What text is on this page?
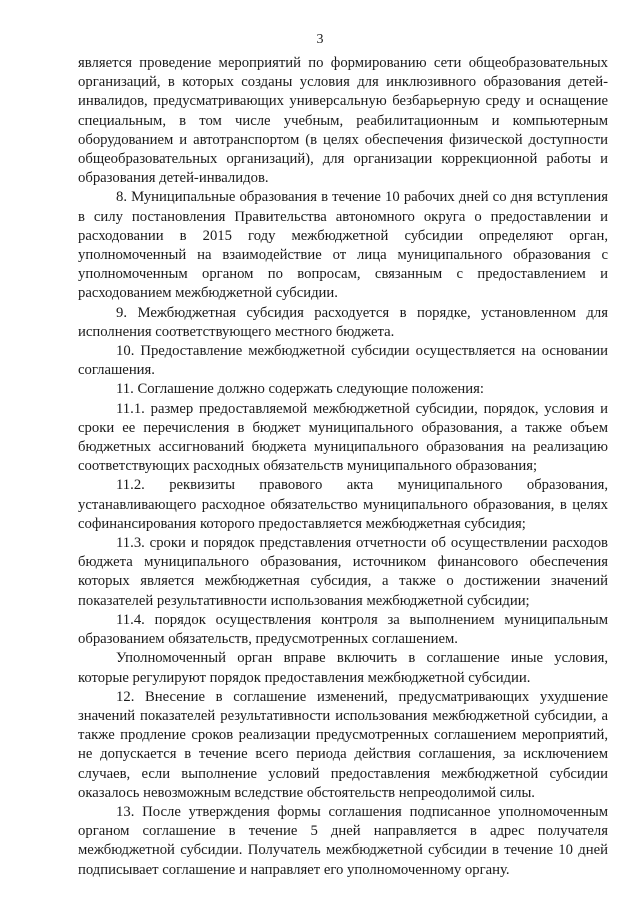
3

является проведение мероприятий по формированию сети общеобразовательных организаций, в которых созданы условия для инклюзивного образования детей-инвалидов, предусматривающих универсальную безбарьерную среду и оснащение специальным, в том числе учебным, реабилитационным и компьютерным оборудованием и автотранспортом (в целях обеспечения физической доступности общеобразовательных организаций), для организации коррекционной работы и образования детей-инвалидов.

8. Муниципальные образования в течение 10 рабочих дней со дня вступления в силу постановления Правительства автономного округа о предоставлении и расходовании в 2015 году межбюджетной субсидии определяют орган, уполномоченный на взаимодействие от лица муниципального образования с уполномоченным органом по вопросам, связанным с предоставлением и расходованием межбюджетной субсидии.

9. Межбюджетная субсидия расходуется в порядке, установленном для исполнения соответствующего местного бюджета.

10. Предоставление межбюджетной субсидии осуществляется на основании соглашения.

11. Соглашение должно содержать следующие положения:

11.1. размер предоставляемой межбюджетной субсидии, порядок, условия и сроки ее перечисления в бюджет муниципального образования, а также объем бюджетных ассигнований бюджета муниципального образования на реализацию соответствующих расходных обязательств муниципального образования;

11.2. реквизиты правового акта муниципального образования, устанавливающего расходное обязательство муниципального образования, в целях софинансирования которого предоставляется межбюджетная субсидия;

11.3. сроки и порядок представления отчетности об осуществлении расходов бюджета муниципального образования, источником финансового обеспечения которых является межбюджетная субсидия, а также о достижении значений показателей результативности использования межбюджетной субсидии;

11.4. порядок осуществления контроля за выполнением муниципальным образованием обязательств, предусмотренных соглашением.

Уполномоченный орган вправе включить в соглашение иные условия, которые регулируют порядок предоставления межбюджетной субсидии.

12. Внесение в соглашение изменений, предусматривающих ухудшение значений показателей результативности использования межбюджетной субсидии, а также продление сроков реализации предусмотренных соглашением мероприятий, не допускается в течение всего периода действия соглашения, за исключением случаев, если выполнение условий предоставления межбюджетной субсидии оказалось невозможным вследствие обстоятельств непреодолимой силы.

13. После утверждения формы соглашения подписанное уполномоченным органом соглашение в течение 5 дней направляется в адрес получателя межбюджетной субсидии. Получатель межбюджетной субсидии в течение 10 дней подписывает соглашение и направляет его уполномоченному органу.
